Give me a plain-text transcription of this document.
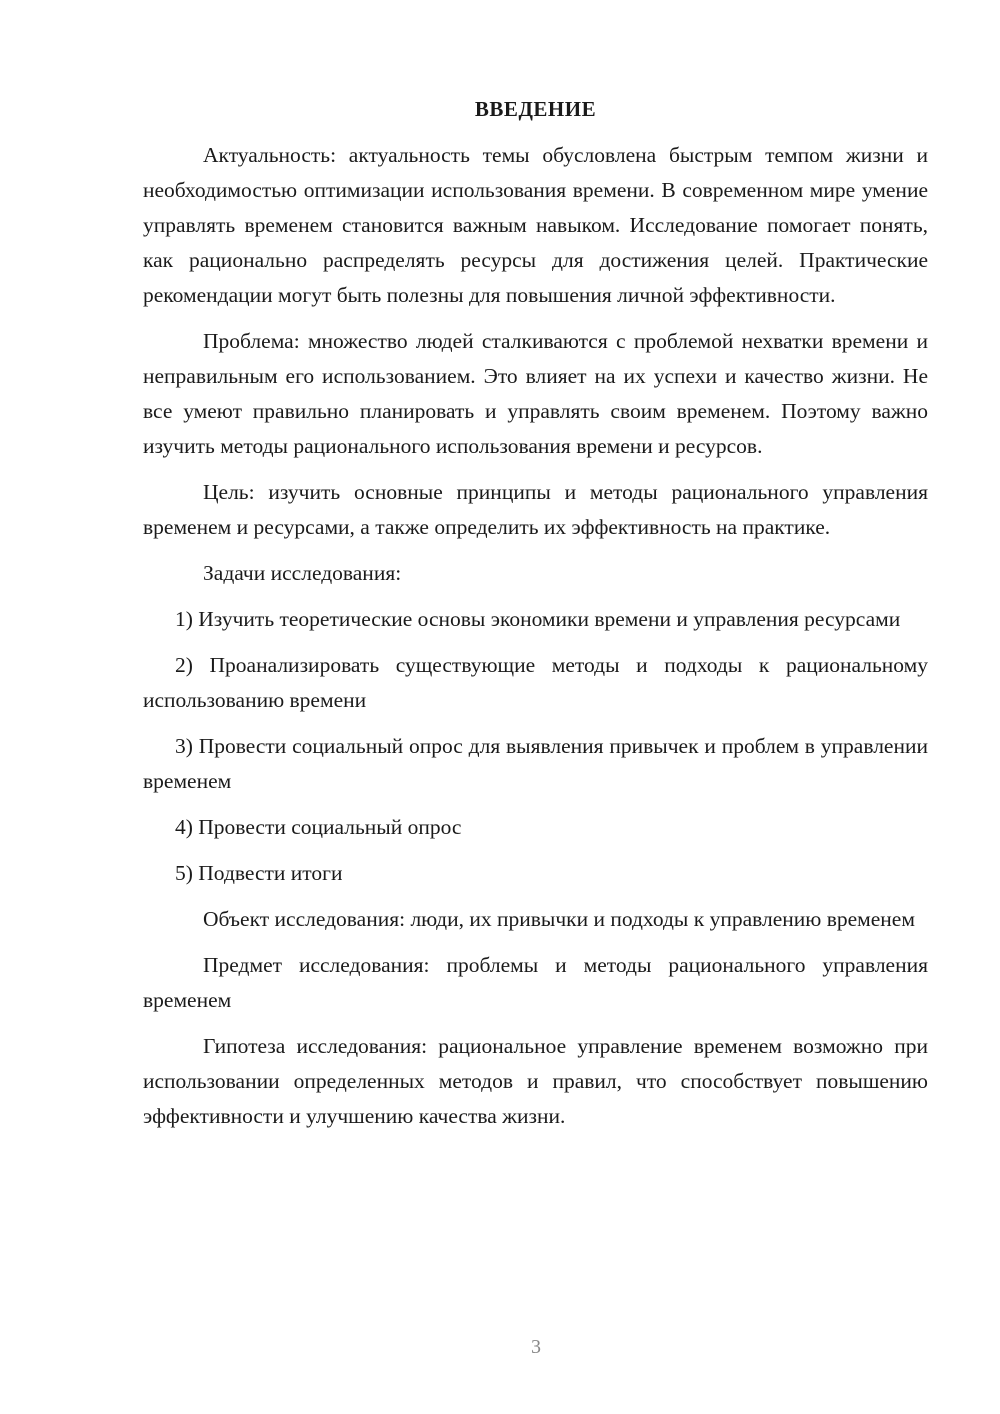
ВВЕДЕНИЕ

Актуальность: актуальность темы обусловлена быстрым темпом жизни и необходимостью оптимизации использования времени. В современном мире умение управлять временем становится важным навыком. Исследование помогает понять, как рационально распределять ресурсы для достижения целей. Практические рекомендации могут быть полезны для повышения личной эффективности.

Проблема: множество людей сталкиваются с проблемой нехватки времени и неправильным его использованием. Это влияет на их успехи и качество жизни. Не все умеют правильно планировать и управлять своим временем. Поэтому важно изучить методы рационального использования времени и ресурсов.

Цель: изучить основные принципы и методы рационального управления временем и ресурсами, а также определить их эффективность на практике.

Задачи исследования:

1) Изучить теоретические основы экономики времени и управления ресурсами

2) Проанализировать существующие методы и подходы к рациональному использованию времени

3) Провести социальный опрос для выявления привычек и проблем в управлении временем

4) Провести социальный опрос

5) Подвести итоги

Объект исследования: люди, их привычки и подходы к управлению временем

Предмет исследования: проблемы и методы рационального управления временем

Гипотеза исследования: рациональное управление временем возможно при использовании определенных методов и правил, что способствует повышению эффективности и улучшению качества жизни.

3
